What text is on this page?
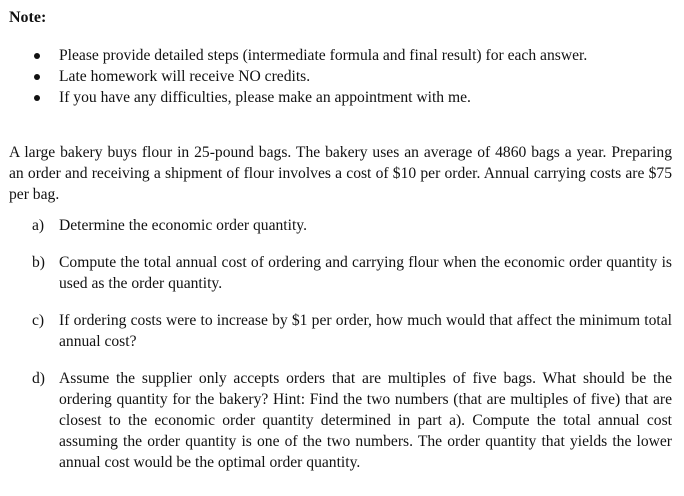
Note:
Please provide detailed steps (intermediate formula and final result) for each answer.
Late homework will receive NO credits.
If you have any difficulties, please make an appointment with me.

A large bakery buys flour in 25-pound bags. The bakery uses an average of 4860 bags a year. Preparing an order and receiving a shipment of flour involves a cost of $10 per order. Annual carrying costs are $75 per bag.

a) Determine the economic order quantity.
b) Compute the total annual cost of ordering and carrying flour when the economic order quantity is used as the order quantity.
c) If ordering costs were to increase by $1 per order, how much would that affect the minimum total annual cost?
d) Assume the supplier only accepts orders that are multiples of five bags. What should be the ordering quantity for the bakery? Hint: Find the two numbers (that are multiples of five) that are closest to the economic order quantity determined in part a). Compute the total annual cost assuming the order quantity is one of the two numbers. The order quantity that yields the lower annual cost would be the optimal order quantity.
